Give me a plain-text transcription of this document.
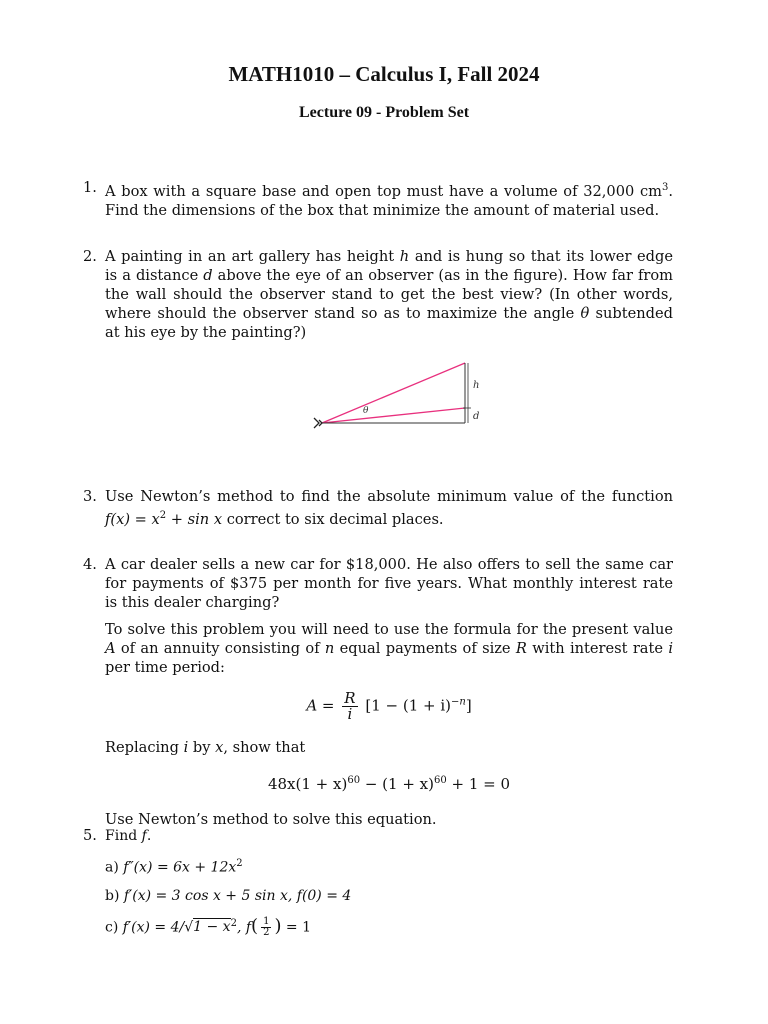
MATH1010 – Calculus I, Fall 2024
Lecture 09 - Problem Set
1. A box with a square base and open top must have a volume of 32,000 $cm^3$. Find the dimensions of the box that minimize the amount of material used.
2. A painting in an art gallery has height h and is hung so that its lower edge is a distance d above the eye of an observer (as in the figure). How far from the wall should the observer stand to get the best view? (In other words, where should the observer stand so as to maximize the angle θ subtended at his eye by the painting?)
h
d
θ
3. Use Newton’s method to find the absolute minimum value of the function $f(x) = x^2 + \sin x$ correct to six decimal places.
4. A car dealer sells a new car for $18,000. He also offers to sell the same car for payments of $375 per month for five years. What monthly interest rate is this dealer charging?

To solve this problem you will need to use the formula for the present value A of an annuity consisting of n equal payments of size R with interest rate i per time period:

$A = \frac{R}{i} [1 - (1 + i)^{-n}]$

Replacing i by x, show that

$48x(1 + x)^{60} - (1 + x)^{60} + 1 = 0$

Use Newton’s method to solve this equation.

5. Find f.

a) $f''(x) = 6x + 12x^2$

b) f′(x) = 3 cos x + 5 sin x, f(0) = 4

c) $f'(x) = 4/√1 - x^2$, $f( \frac{1}{2}$ ) = 1
